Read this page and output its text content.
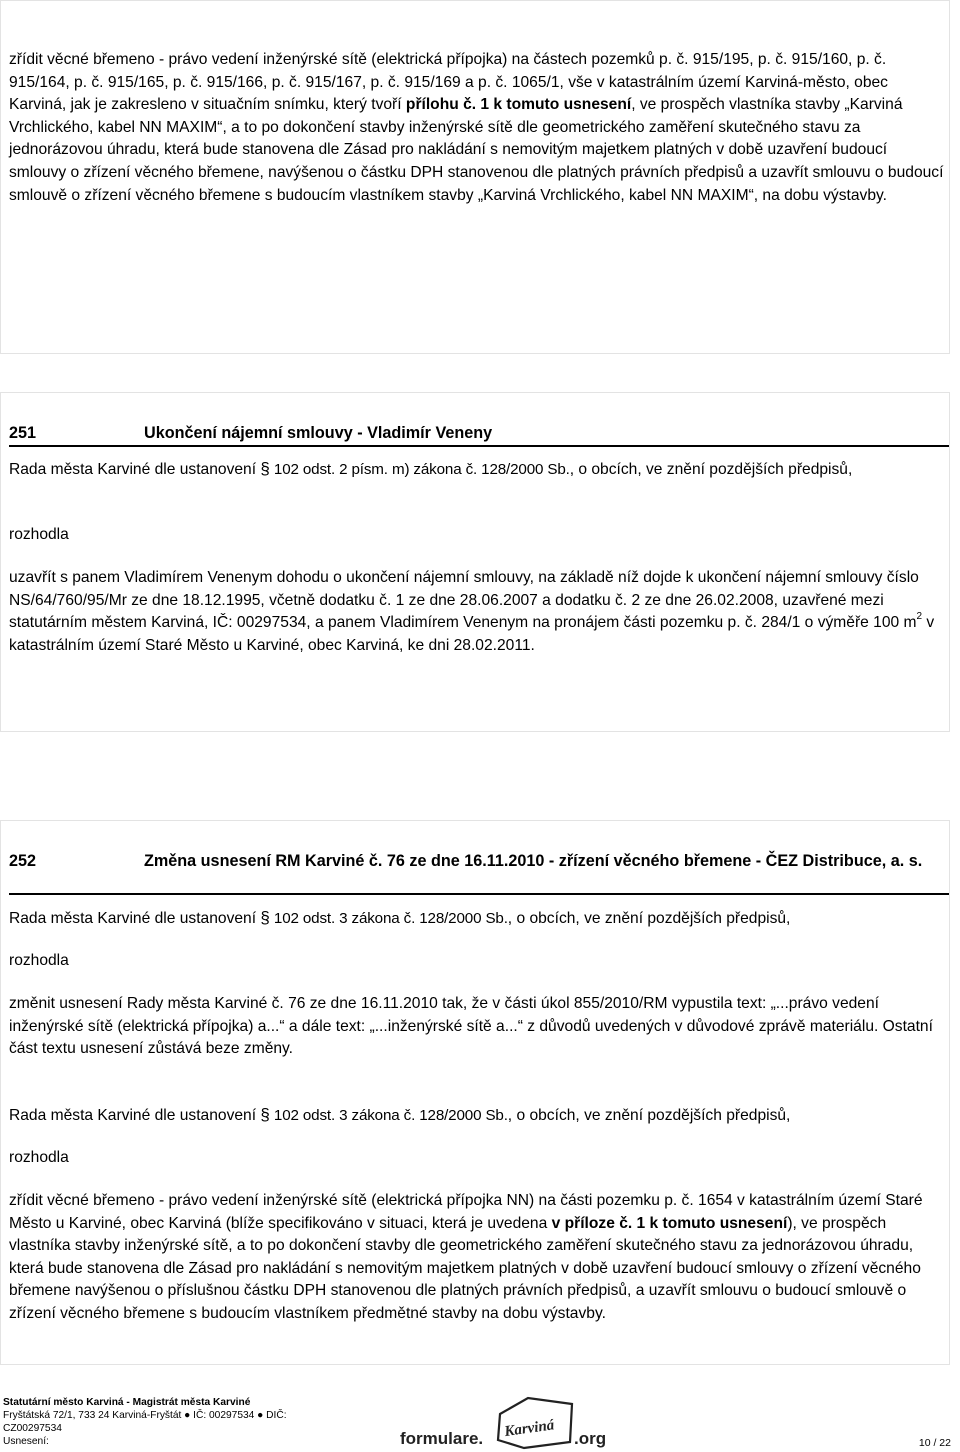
zřídit věcné břemeno - právo vedení inženýrské sítě (elektrická přípojka) na částech pozemků p. č. 915/195, p. č. 915/160, p. č. 915/164, p. č. 915/165, p. č. 915/166, p. č. 915/167, p. č. 915/169 a p. č. 1065/1, vše v katastrálním území Karviná-město, obec Karviná, jak je zakresleno v situačním snímku, který tvoří přílohu č. 1 k tomuto usnesení, ve prospěch vlastníka stavby „Karviná Vrchlického, kabel NN MAXIM“, a to po dokončení stavby inženýrské sítě dle geometrického zaměření skutečného stavu za jednorázovou úhradu, která bude stanovena dle Zásad pro nakládání s nemovitým majetkem platných v době uzavření budoucí smlouvy o zřízení věcného břemene, navýšenou o částku DPH stanovenou dle platných právních předpisů a uzavřít smlouvu o budoucí smlouvě o zřízení věcného břemene s budoucím vlastníkem stavby „Karviná Vrchlického, kabel NN MAXIM“, na dobu výstavby.

251	Ukončení nájemní smlouvy - Vladimír Veneny

Rada města Karviné dle ustanovení § 102 odst. 2 písm. m) zákona č. 128/2000 Sb., o obcích, ve znění pozdějších předpisů,

rozhodla

uzavřít s panem Vladimírem Venenym dohodu o ukončení nájemní smlouvy, na základě níž dojde k ukončení nájemní smlouvy číslo NS/64/760/95/Mr ze dne 18.12.1995, včetně dodatku č. 1 ze dne 28.06.2007 a dodatku č. 2 ze dne 26.02.2008, uzavřené mezi statutárním městem Karviná, IČ: 00297534, a panem Vladimírem Venenym na pronájem části pozemku p. č. 284/1 o výměře 100 $m^2$ v katastrálním území Staré Město u Karviné, obec Karviná, ke dni 28.02.2011.

252	Změna usnesení RM Karviné č. 76 ze dne 16.11.2010 - zřízení věcného břemene - ČEZ Distribuce, a. s.

Rada města Karviné dle ustanovení § 102 odst. 3 zákona č. 128/2000 Sb., o obcích, ve znění pozdějších předpisů,

rozhodla

změnit usnesení Rady města Karviné č. 76 ze dne 16.11.2010 tak, že v části úkol 855/2010/RM vypustila text: „...právo vedení inženýrské sítě (elektrická přípojka) a...“ a dále text: „...inženýrské sítě a...“ z důvodů uvedených v důvodové zprávě materiálu. Ostatní část textu usnesení zůstává beze změny.

Rada města Karviné dle ustanovení § 102 odst. 3 zákona č. 128/2000 Sb., o obcích, ve znění pozdějších předpisů,

rozhodla

zřídit věcné břemeno - právo vedení inženýrské sítě (elektrická přípojka NN) na části pozemku p. č. 1654 v katastrálním území Staré Město u Karviné, obec Karviná (blíže specifikováno v situaci, která je uvedena v příloze č. 1 k tomuto usnesení), ve prospěch vlastníka stavby inženýrské sítě, a to po dokončení stavby dle geometrického zaměření skutečného stavu za jednorázovou úhradu, která bude stanovena dle Zásad pro nakládání s nemovitým majetkem platných v době uzavření budoucí smlouvy o zřízení věcného břemene navýšenou o příslušnou částku DPH stanovenou dle platných právních předpisů, a uzavřít smlouvu o budoucí smlouvě o zřízení věcného břemene s budoucím vlastníkem předmětné stavby na dobu výstavby.

Statutární město Karviná - Magistrát města Karviné
Fryštátská 72/1, 733 24 Karviná-Fryštát ● IČ: 00297534 ● DIČ:
CZ00297534
Usnesení:	formulare. Karviná .org	10 / 22
